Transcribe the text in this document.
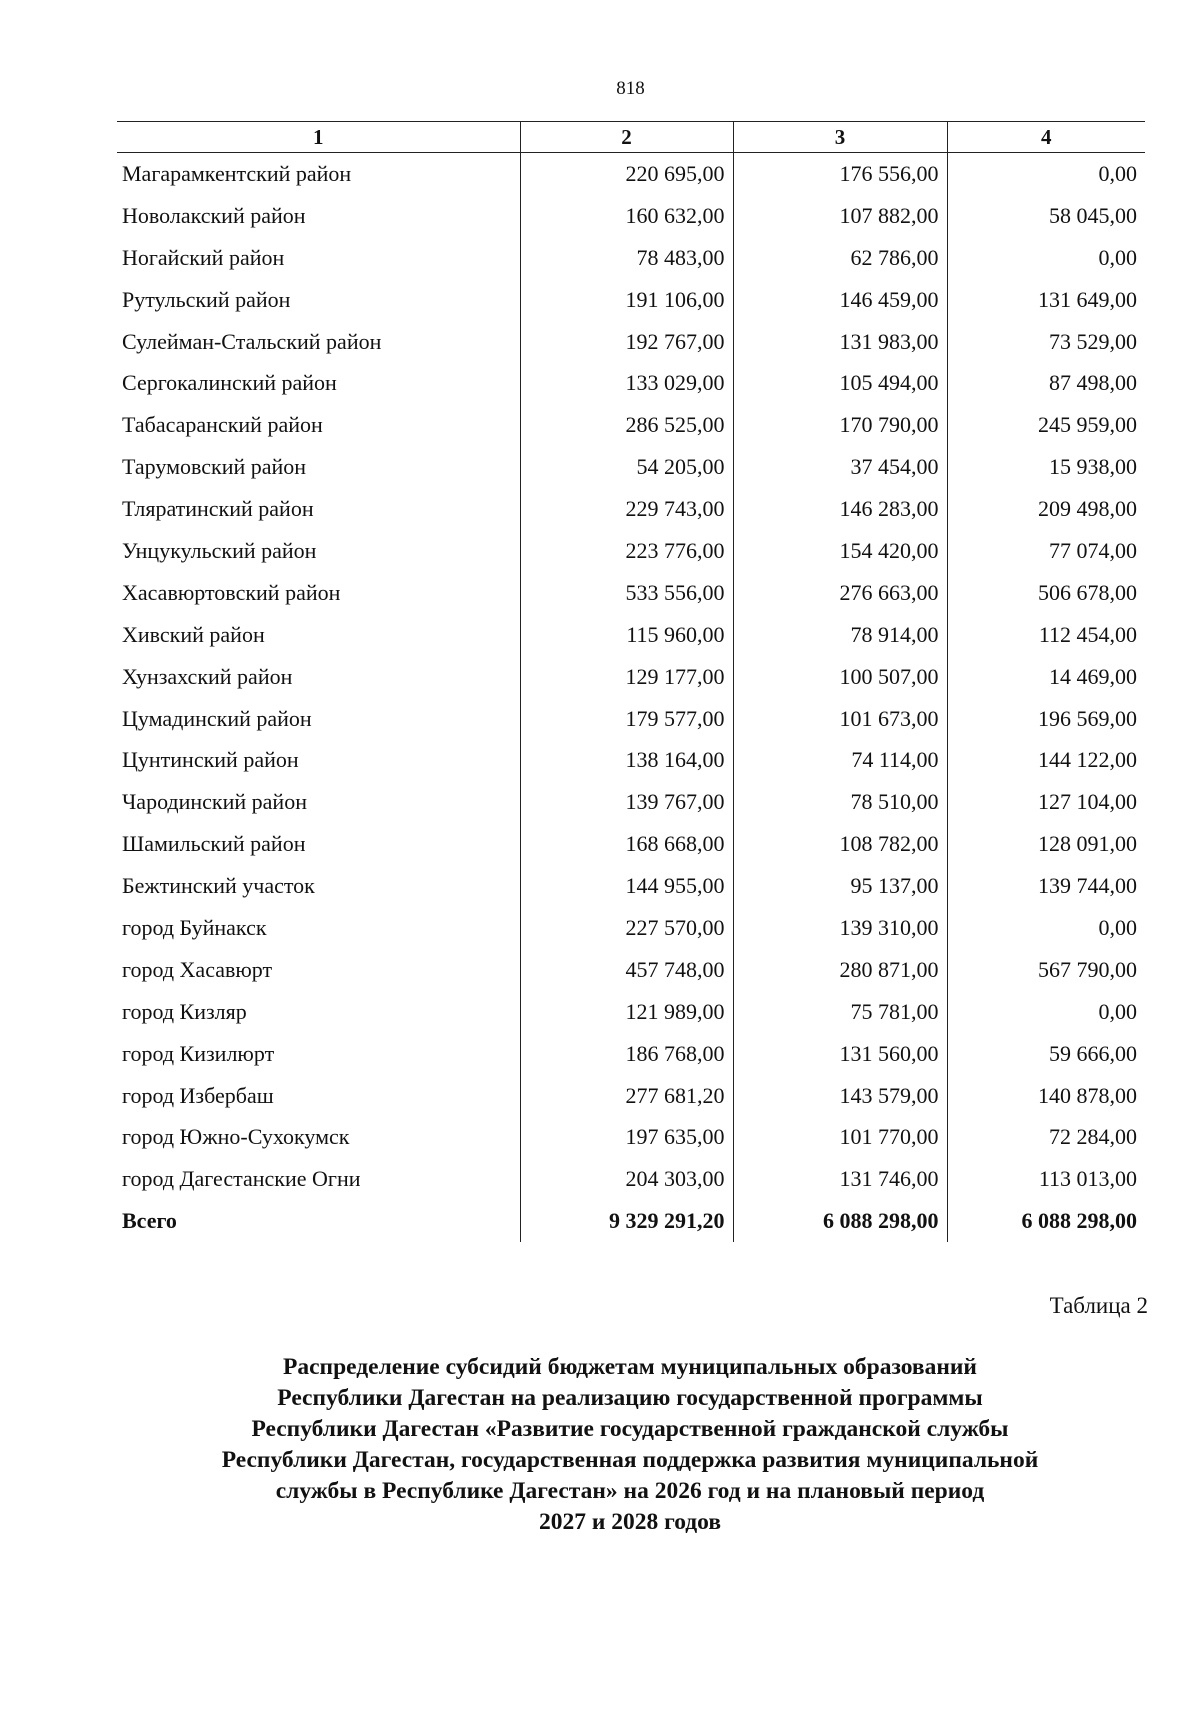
818
1	2	3	4
Магарамкентский район	220 695,00	176 556,00	0,00
Новолакский район	160 632,00	107 882,00	58 045,00
Ногайский район	78 483,00	62 786,00	0,00
Рутульский район	191 106,00	146 459,00	131 649,00
Сулейман-Стальский район	192 767,00	131 983,00	73 529,00
Сергокалинский район	133 029,00	105 494,00	87 498,00
Табасаранский район	286 525,00	170 790,00	245 959,00
Тарумовский район	54 205,00	37 454,00	15 938,00
Тляратинский район	229 743,00	146 283,00	209 498,00
Унцукульский район	223 776,00	154 420,00	77 074,00
Хасавюртовский район	533 556,00	276 663,00	506 678,00
Хивский район	115 960,00	78 914,00	112 454,00
Хунзахский район	129 177,00	100 507,00	14 469,00
Цумадинский район	179 577,00	101 673,00	196 569,00
Цунтинский район	138 164,00	74 114,00	144 122,00
Чародинский район	139 767,00	78 510,00	127 104,00
Шамильский район	168 668,00	108 782,00	128 091,00
Бежтинский участок	144 955,00	95 137,00	139 744,00
город Буйнакск	227 570,00	139 310,00	0,00
город Хасавюрт	457 748,00	280 871,00	567 790,00
город Кизляр	121 989,00	75 781,00	0,00
город Кизилюрт	186 768,00	131 560,00	59 666,00
город Избербаш	277 681,20	143 579,00	140 878,00
город Южно-Сухокумск	197 635,00	101 770,00	72 284,00
город Дагестанские Огни	204 303,00	131 746,00	113 013,00
Всего	9 329 291,20	6 088 298,00	6 088 298,00
Таблица 2
Распределение субсидий бюджетам муниципальных образований
Республики Дагестан на реализацию государственной программы
Республики Дагестан «Развитие государственной гражданской службы
Республики Дагестан, государственная поддержка развития муниципальной
службы в Республике Дагестан» на 2026 год и на плановый период
2027 и 2028 годов
